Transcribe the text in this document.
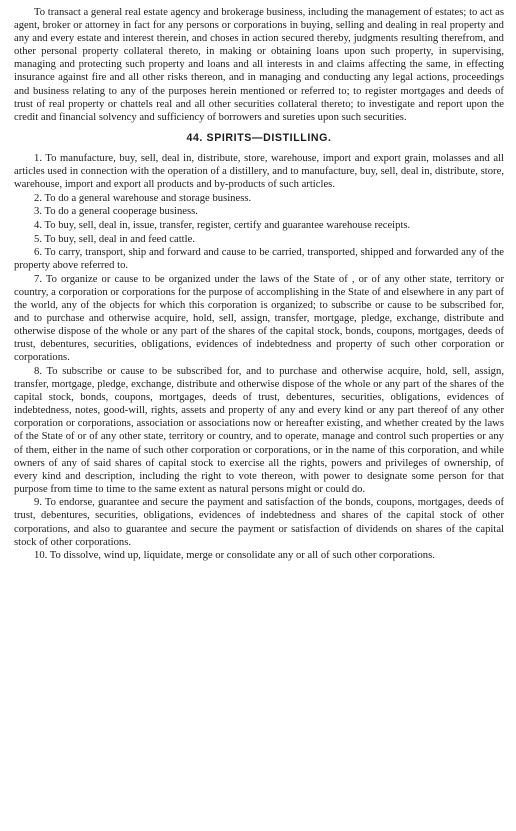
To transact a general real estate agency and brokerage business, including the management of estates; to act as agent, broker or attorney in fact for any persons or corporations in buying, selling and dealing in real property and any and every estate and interest therein, and choses in action secured thereby, judgments resulting therefrom, and other personal property collateral thereto, in making or obtaining loans upon such property, in supervising, managing and protecting such property and loans and all interests in and claims affecting the same, in effecting insurance against fire and all other risks thereon, and in managing and conducting any legal actions, proceedings and business relating to any of the purposes herein mentioned or referred to; to register mortgages and deeds of trust of real property or chattels real and all other securities collateral thereto; to investigate and report upon the credit and financial solvency and sufficiency of borrowers and sureties upon such securities.

44. SPIRITS—DISTILLING.

1. To manufacture, buy, sell, deal in, distribute, store, warehouse, import and export grain, molasses and all articles used in connection with the operation of a distillery, and to manufacture, buy, sell, deal in, distribute, store, warehouse, import and export all products and by-products of such articles.

2. To do a general warehouse and storage business.

3. To do a general cooperage business.

4. To buy, sell, deal in, issue, transfer, register, certify and guarantee warehouse receipts.

5. To buy, sell, deal in and feed cattle.

6. To carry, transport, ship and forward and cause to be carried, transported, shipped and forwarded any of the property above referred to.

7. To organize or cause to be organized under the laws of the State of , or of any other state, territory or country, a corporation or corporations for the purpose of accomplishing in the State of and elsewhere in any part of the world, any of the objects for which this corporation is organized; to subscribe or cause to be subscribed for, and to purchase and otherwise acquire, hold, sell, assign, transfer, mortgage, pledge, exchange, distribute and otherwise dispose of the whole or any part of the shares of the capital stock, bonds, coupons, mortgages, deeds of trust, debentures, securities, obligations, evidences of indebtedness and property of such other corporation or corporations.

8. To subscribe or cause to be subscribed for, and to purchase and otherwise acquire, hold, sell, assign, transfer, mortgage, pledge, exchange, distribute and otherwise dispose of the whole or any part of the shares of the capital stock, bonds, coupons, mortgages, deeds of trust, debentures, securities, obligations, evidences of indebtedness, notes, good-will, rights, assets and property of any and every kind or any part thereof of any other corporation or corporations, association or associations now or hereafter existing, and whether created by the laws of the State of or of any other state, territory or country, and to operate, manage and control such properties or any of them, either in the name of such other corporation or corporations, or in the name of this corporation, and while owners of any of said shares of capital stock to exercise all the rights, powers and privileges of ownership, of every kind and description, including the right to vote thereon, with power to designate some person for that purpose from time to time to the same extent as natural persons might or could do.

9. To endorse, guarantee and secure the payment and satisfaction of the bonds, coupons, mortgages, deeds of trust, debentures, securities, obligations, evidences of indebtedness and shares of the capital stock of other corporations, and also to guarantee and secure the payment or satisfaction of dividends on shares of the capital stock of other corporations.

10. To dissolve, wind up, liquidate, merge or consolidate any or all of such other corporations.
